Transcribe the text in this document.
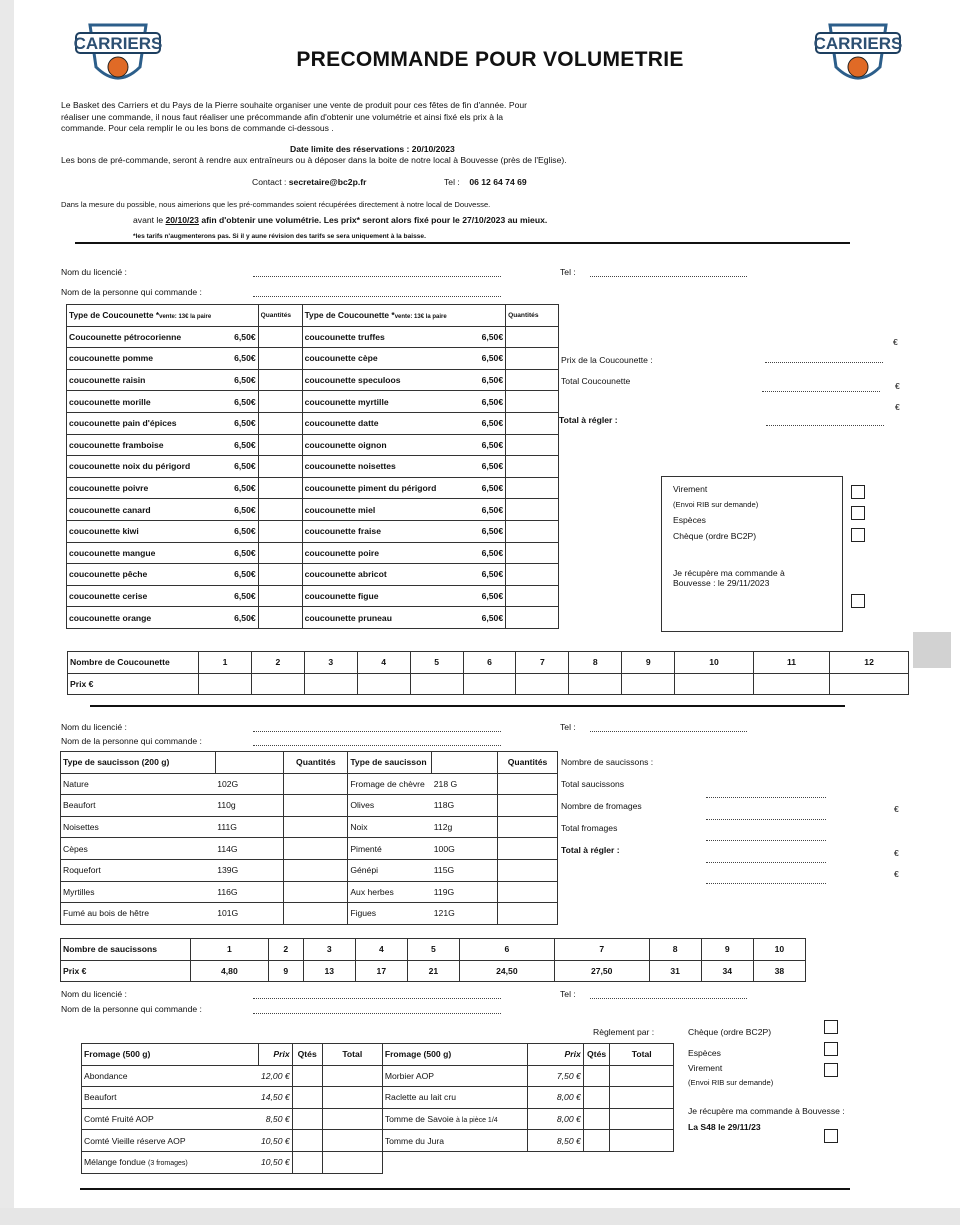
CARRIERS	CARRIERS
PRECOMMANDE POUR VOLUMETRIE
Le Basket des Carriers et du Pays de la Pierre souhaite organiser une vente de produit pour ces fêtes de fin d'année. Pour
réaliser une commande, il nous faut réaliser une précommande afin d'obtenir une volumétrie et ainsi fixé els prix à la
commande. Pour cela remplir le ou les bons de commande ci-dessous .
Date limite des réservations : 20/10/2023
Les bons de pré-commande, seront à rendre aux entraîneurs ou à déposer dans la boite de notre local à Bouvesse (près de l'Eglise).
Contact : secretaire@bc2p.fr	Tel :    06 12 64 74 69
Dans la mesure du possible, nous aimerions que les pré-commandes soient récupérées directement à notre local de Douvesse.
avant le 20/10/23 afin d'obtenir une volumétrie. Les prix* seront alors fixé pour le 27/10/2023 au mieux.
*les tarifs n'augmenterons pas. Si il y aune révision des tarifs se sera uniquement à la baisse.
Nom du licencié :	Tel :
Nom de la personne qui commande :
Type de Coucounette *vente: 13€ la paire	Quantités	Type de Coucounette *vente: 13€ la paire	Quantités
Coucounette pétrocorienne 6,50€		coucounette truffes 6,50€	

coucounette pomme 6,50€		coucounette cèpe 6,50€	

coucounette raisin 6,50€		coucounette speculoos 6,50€	

coucounette morille 6,50€		coucounette myrtille 6,50€	

coucounette pain d'épices 6,50€		coucounette datte 6,50€	

coucounette framboise 6,50€		coucounette oignon 6,50€	

coucounette noix du périgord 6,50€		coucounette noisettes 6,50€	

coucounette poivre 6,50€		coucounette piment du périgord 6,50€	

coucounette canard 6,50€		coucounette miel 6,50€	

coucounette kiwi 6,50€		coucounette fraise 6,50€	

coucounette mangue 6,50€		coucounette poire 6,50€	

coucounette pêche 6,50€		coucounette abricot 6,50€	

coucounette cerise 6,50€		coucounette figue 6,50€	

coucounette orange 6,50€		coucounette pruneau 6,50€	

Prix de la Coucounette :
Total Coucounette
Total à régler :
€
€
€
Virement
(Envoi RIB sur demande)
Espèces
Chèque (ordre BC2P)
Je récupère ma commande à
Bouvesse : le 29/11/2023
Nombre de Coucounette	1	2	3	4	5	6	7	8	9	10	11	12
Prix €												
Nom du licencié :	Tel :
Nom de la personne qui commande :
Type de saucisson (200 g)		Quantités	Type de saucisson		Quantités
Nature	102G		Fromage de chèvre	218 G	
Beaufort	110g		Olives	118G	
Noisettes	111G		Noix	112g	
Cèpes	114G		Pimenté	100G	
Roquefort	139G		Génépi	115G	
Myrtilles	116G		Aux herbes	119G	
Fumé au bois de hêtre	101G		Figues	121G	
Nombre de saucissons :
Total saucissons
Nombre de fromages
Total fromages
Total à régler :
€
€
€
Nombre de saucissons	1	2	3	4	5	6	7	8	9	10
Prix €	4,80	9	13	17	21	24,50	27,50	31	34	38
Nom du licencié :	Tel :
Nom de la personne qui commande :
Règlement par :	Chèque (ordre BC2P)
Espèces
Virement
(Envoi RIB sur demande)
Je récupère ma commande à Bouvesse :
La S48 le 29/11/23
Fromage (500 g)	Prix	Qtés	Total	Fromage (500 g)	Prix	Qtés	Total
Abondance	12,00 €			Morbier AOP	7,50 €		
Beaufort	14,50 €			Raclette au lait cru	8,00 €		
Comté Fruité AOP	8,50 €			Tomme de Savoie à la pièce 1/4	8,00 €		
Comté Vieille réserve AOP	10,50 €			Tomme du Jura	8,50 €		
Mélange fondue (3 fromages)	10,50 €						
